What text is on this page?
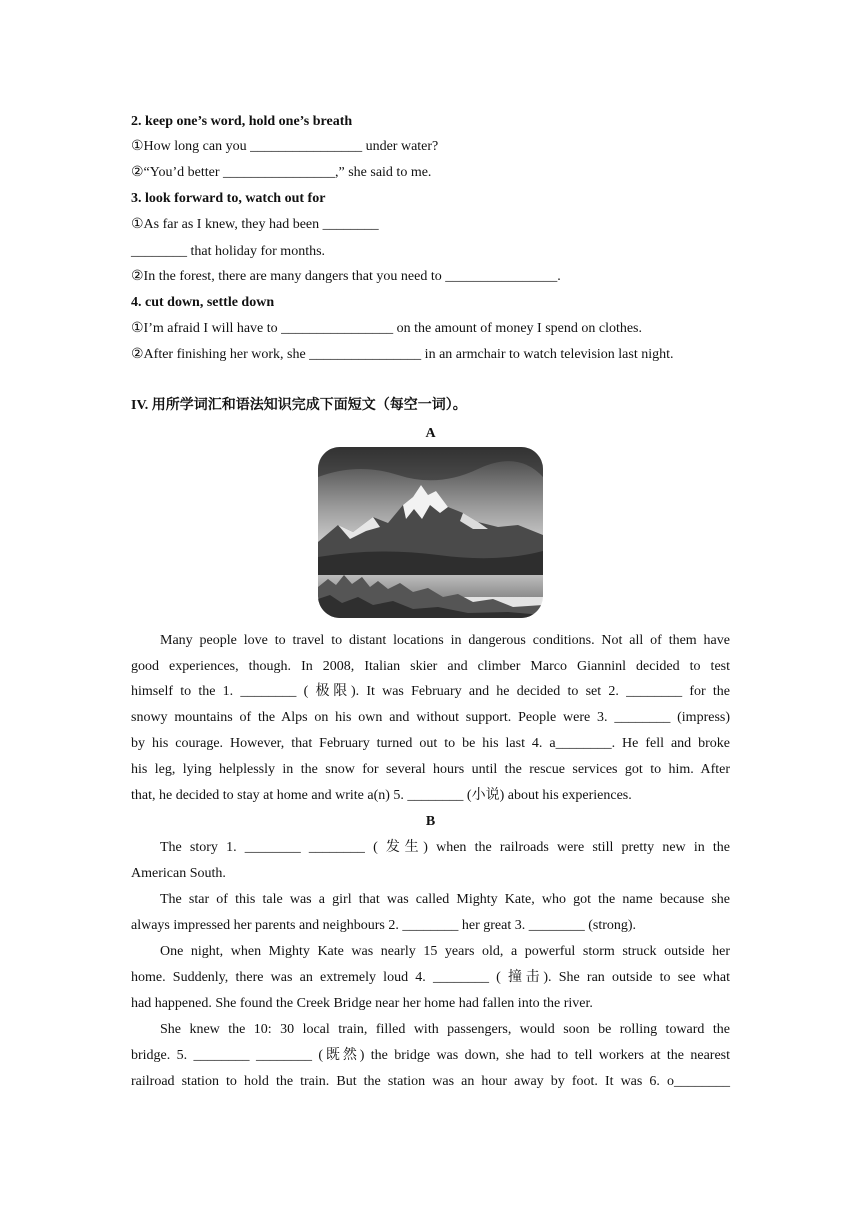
2. keep one’s word, hold one’s breath
①How long can you ________________ under water?
②“You’d better ________________,” she said to me.
3. look forward to, watch out for
①As far as I knew, they had been ________
________ that holiday for months.
②In the forest, there are many dangers that you need to ________________.
4. cut down, settle down
①I’m afraid I will have to ________________ on the amount of money I spend on clothes.
②After finishing her work, she ________________ in an armchair to watch television last night.
IV. 用所学词汇和语法知识完成下面短文（每空一词）。
A
Many people love to travel to distant locations in dangerous conditions. Not all of them have
good experiences, though. In 2008, Italian skier and climber Marco Gianninl decided to test
himself to the 1. ________ ( 极限). It was February and he decided to set 2. ________ for the
snowy mountains of the Alps on his own and without support. People were 3. ________ (impress)
by his courage. However, that February turned out to be his last 4. a________. He fell and broke
his leg, lying helplessly in the snow for several hours until the rescue services got to him. After
that, he decided to stay at home and write a(n) 5. ________ (小说) about his experiences.
B
The story 1. ________ ________ ( 发生) when the railroads were still pretty new in the
American South.
The star of this tale was a girl that was called Mighty Kate, who got the name because she
always impressed her parents and neighbours 2. ________ her great 3. ________ (strong).
One night, when Mighty Kate was nearly 15 years old, a powerful storm struck outside her
home. Suddenly, there was an extremely loud 4. ________ ( 撞击). She ran outside to see what
had happened. She found the Creek Bridge near her home had fallen into the river.
She knew the 10: 30 local train, filled with passengers, would soon be rolling toward the
bridge. 5. ________ ________ (既然) the bridge was down, she had to tell workers at the nearest
railroad station to hold the train. But the station was an hour away by foot. It was 6. o________
